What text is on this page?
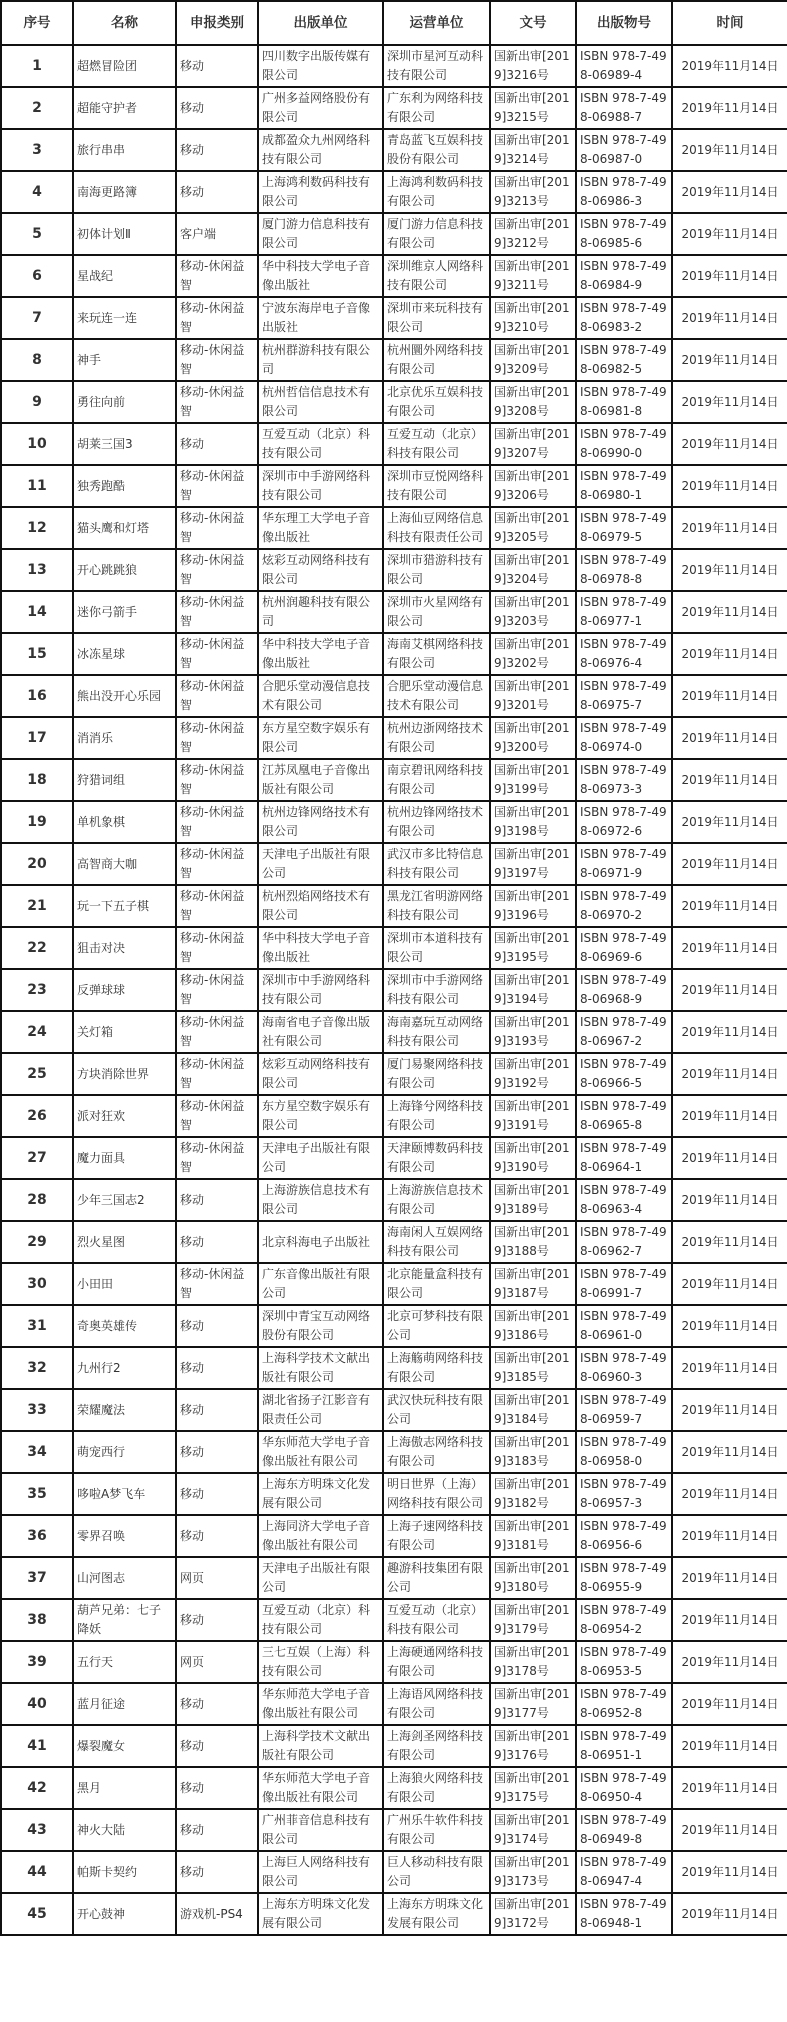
序号	名称	申报类别	出版单位	运营单位	文号	出版物号	时间
1	超燃冒险团	移动	四川数字出版传媒有限公司	深圳市星河互动科技有限公司	国新出审[2019]3216号	ISBN 978-7-498-06989-4	2019年11月14日
2	超能守护者	移动	广州多益网络股份有限公司	广东利为网络科技有限公司	国新出审[2019]3215号	ISBN 978-7-498-06988-7	2019年11月14日
3	旅行串串	移动	成都盈众九州网络科技有限公司	青岛蓝飞互娱科技股份有限公司	国新出审[2019]3214号	ISBN 978-7-498-06987-0	2019年11月14日
4	南海更路簿	移动	上海鸿利数码科技有限公司	上海鸿利数码科技有限公司	国新出审[2019]3213号	ISBN 978-7-498-06986-3	2019年11月14日
5	初体计划Ⅱ	客户端	厦门游力信息科技有限公司	厦门游力信息科技有限公司	国新出审[2019]3212号	ISBN 978-7-498-06985-6	2019年11月14日
6	星战纪	移动-休闲益智	华中科技大学电子音像出版社	深圳维京人网络科技有限公司	国新出审[2019]3211号	ISBN 978-7-498-06984-9	2019年11月14日
7	来玩连一连	移动-休闲益智	宁波东海岸电子音像出版社	深圳市来玩科技有限公司	国新出审[2019]3210号	ISBN 978-7-498-06983-2	2019年11月14日
8	神手	移动-休闲益智	杭州群游科技有限公司	杭州圜外网络科技有限公司	国新出审[2019]3209号	ISBN 978-7-498-06982-5	2019年11月14日
9	勇往向前	移动-休闲益智	杭州哲信信息技术有限公司	北京优乐互娱科技有限公司	国新出审[2019]3208号	ISBN 978-7-498-06981-8	2019年11月14日
10	胡莱三国3	移动	互爱互动（北京）科技有限公司	互爱互动（北京）科技有限公司	国新出审[2019]3207号	ISBN 978-7-498-06990-0	2019年11月14日
11	独秀跑酷	移动-休闲益智	深圳市中手游网络科技有限公司	深圳市豆悦网络科技有限公司	国新出审[2019]3206号	ISBN 978-7-498-06980-1	2019年11月14日
12	猫头鹰和灯塔	移动-休闲益智	华东理工大学电子音像出版社	上海仙豆网络信息科技有限责任公司	国新出审[2019]3205号	ISBN 978-7-498-06979-5	2019年11月14日
13	开心跳跳狼	移动-休闲益智	炫彩互动网络科技有限公司	深圳市猎游科技有限公司	国新出审[2019]3204号	ISBN 978-7-498-06978-8	2019年11月14日
14	迷你弓箭手	移动-休闲益智	杭州润趣科技有限公司	深圳市火星网络有限公司	国新出审[2019]3203号	ISBN 978-7-498-06977-1	2019年11月14日
15	冰冻星球	移动-休闲益智	华中科技大学电子音像出版社	海南艾棋网络科技有限公司	国新出审[2019]3202号	ISBN 978-7-498-06976-4	2019年11月14日
16	熊出没开心乐园	移动-休闲益智	合肥乐堂动漫信息技术有限公司	合肥乐堂动漫信息技术有限公司	国新出审[2019]3201号	ISBN 978-7-498-06975-7	2019年11月14日
17	消消乐	移动-休闲益智	东方星空数字娱乐有限公司	杭州边浙网络技术有限公司	国新出审[2019]3200号	ISBN 978-7-498-06974-0	2019年11月14日
18	狩猎词组	移动-休闲益智	江苏凤凰电子音像出版社有限公司	南京碧讯网络科技有限公司	国新出审[2019]3199号	ISBN 978-7-498-06973-3	2019年11月14日
19	单机象棋	移动-休闲益智	杭州边锋网络技术有限公司	杭州边锋网络技术有限公司	国新出审[2019]3198号	ISBN 978-7-498-06972-6	2019年11月14日
20	高智商大咖	移动-休闲益智	天津电子出版社有限公司	武汉市多比特信息科技有限公司	国新出审[2019]3197号	ISBN 978-7-498-06971-9	2019年11月14日
21	玩一下五子棋	移动-休闲益智	杭州烈焰网络技术有限公司	黑龙江省明游网络科技有限公司	国新出审[2019]3196号	ISBN 978-7-498-06970-2	2019年11月14日
22	狙击对决	移动-休闲益智	华中科技大学电子音像出版社	深圳市本道科技有限公司	国新出审[2019]3195号	ISBN 978-7-498-06969-6	2019年11月14日
23	反弹球球	移动-休闲益智	深圳市中手游网络科技有限公司	深圳市中手游网络科技有限公司	国新出审[2019]3194号	ISBN 978-7-498-06968-9	2019年11月14日
24	关灯箱	移动-休闲益智	海南省电子音像出版社有限公司	海南嘉玩互动网络科技有限公司	国新出审[2019]3193号	ISBN 978-7-498-06967-2	2019年11月14日
25	方块消除世界	移动-休闲益智	炫彩互动网络科技有限公司	厦门易聚网络科技有限公司	国新出审[2019]3192号	ISBN 978-7-498-06966-5	2019年11月14日
26	派对狂欢	移动-休闲益智	东方星空数字娱乐有限公司	上海锋兮网络科技有限公司	国新出审[2019]3191号	ISBN 978-7-498-06965-8	2019年11月14日
27	魔力面具	移动-休闲益智	天津电子出版社有限公司	天津颐博数码科技有限公司	国新出审[2019]3190号	ISBN 978-7-498-06964-1	2019年11月14日
28	少年三国志2	移动	上海游族信息技术有限公司	上海游族信息技术有限公司	国新出审[2019]3189号	ISBN 978-7-498-06963-4	2019年11月14日
29	烈火星图	移动	北京科海电子出版社	海南闲人互娱网络科技有限公司	国新出审[2019]3188号	ISBN 978-7-498-06962-7	2019年11月14日
30	小田田	移动-休闲益智	广东音像出版社有限公司	北京能量盒科技有限公司	国新出审[2019]3187号	ISBN 978-7-498-06991-7	2019年11月14日
31	奇奥英雄传	移动	深圳中青宝互动网络股份有限公司	北京可梦科技有限公司	国新出审[2019]3186号	ISBN 978-7-498-06961-0	2019年11月14日
32	九州行2	移动	上海科学技术文献出版社有限公司	上海觞萌网络科技有限公司	国新出审[2019]3185号	ISBN 978-7-498-06960-3	2019年11月14日
33	荣耀魔法	移动	湖北省扬子江影音有限责任公司	武汉快玩科技有限公司	国新出审[2019]3184号	ISBN 978-7-498-06959-7	2019年11月14日
34	萌宠西行	移动	华东师范大学电子音像出版社有限公司	上海傲志网络科技有限公司	国新出审[2019]3183号	ISBN 978-7-498-06958-0	2019年11月14日
35	哆啦A梦飞车	移动	上海东方明珠文化发展有限公司	明日世界（上海）网络科技有限公司	国新出审[2019]3182号	ISBN 978-7-498-06957-3	2019年11月14日
36	零界召唤	移动	上海同济大学电子音像出版社有限公司	上海子速网络科技有限公司	国新出审[2019]3181号	ISBN 978-7-498-06956-6	2019年11月14日
37	山河图志	网页	天津电子出版社有限公司	趣游科技集团有限公司	国新出审[2019]3180号	ISBN 978-7-498-06955-9	2019年11月14日
38	葫芦兄弟：七子降妖	移动	互爱互动（北京）科技有限公司	互爱互动（北京）科技有限公司	国新出审[2019]3179号	ISBN 978-7-498-06954-2	2019年11月14日
39	五行天	网页	三七互娱（上海）科技有限公司	上海硬通网络科技有限公司	国新出审[2019]3178号	ISBN 978-7-498-06953-5	2019年11月14日
40	蓝月征途	移动	华东师范大学电子音像出版社有限公司	上海语风网络科技有限公司	国新出审[2019]3177号	ISBN 978-7-498-06952-8	2019年11月14日
41	爆裂魔女	移动	上海科学技术文献出版社有限公司	上海剑圣网络科技有限公司	国新出审[2019]3176号	ISBN 978-7-498-06951-1	2019年11月14日
42	黑月	移动	华东师范大学电子音像出版社有限公司	上海狼火网络科技有限公司	国新出审[2019]3175号	ISBN 978-7-498-06950-4	2019年11月14日
43	神火大陆	移动	广州菲音信息科技有限公司	广州乐牛软件科技有限公司	国新出审[2019]3174号	ISBN 978-7-498-06949-8	2019年11月14日
44	帕斯卡契约	移动	上海巨人网络科技有限公司	巨人移动科技有限公司	国新出审[2019]3173号	ISBN 978-7-498-06947-4	2019年11月14日
45	开心鼓神	游戏机-PS4	上海东方明珠文化发展有限公司	上海东方明珠文化发展有限公司	国新出审[2019]3172号	ISBN 978-7-498-06948-1	2019年11月14日
